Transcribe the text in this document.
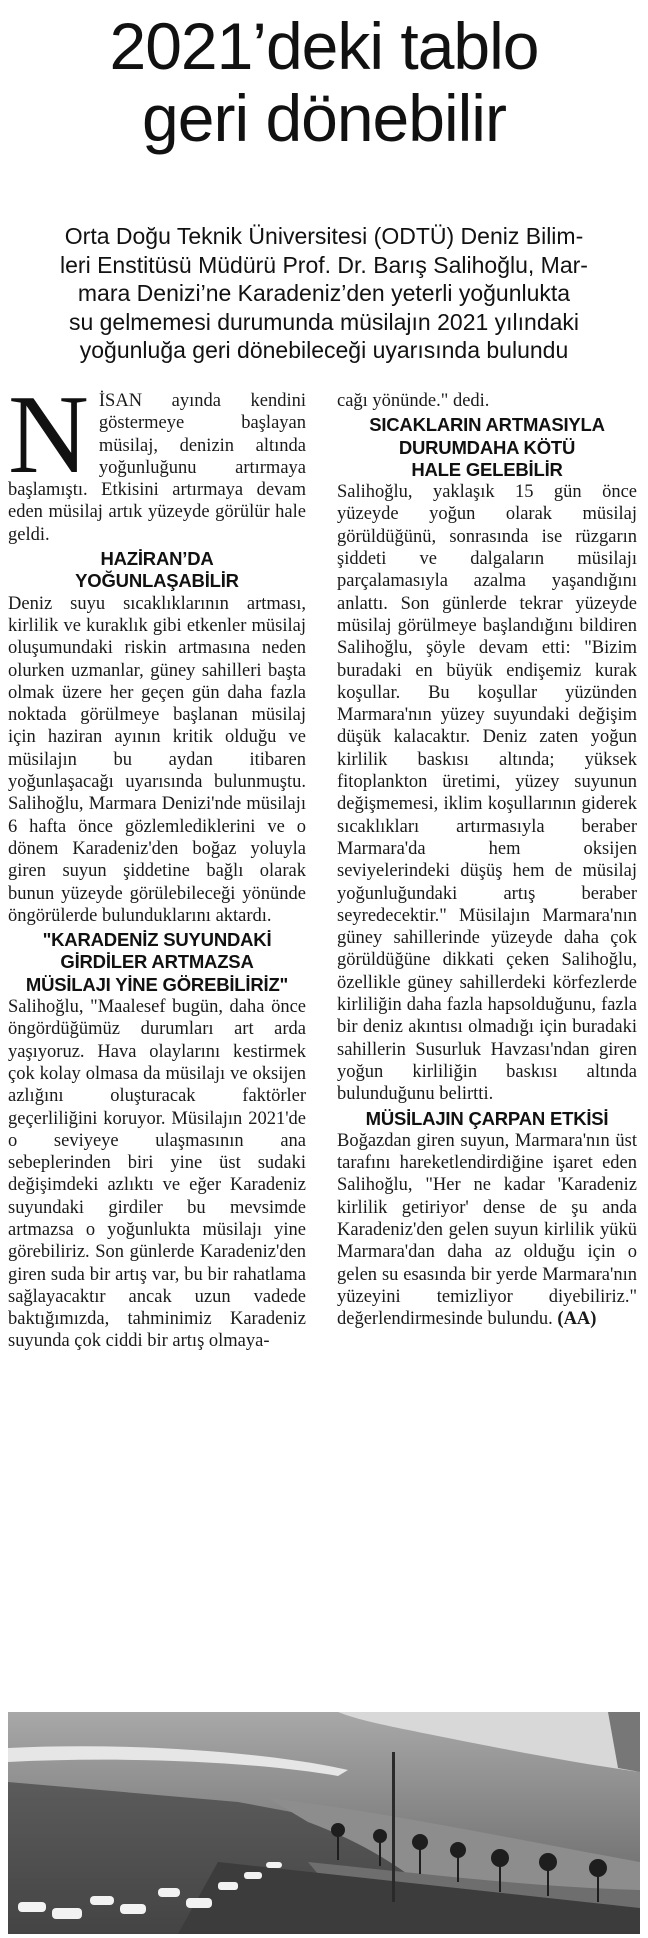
2021’deki tablo
geri dönebilir
Orta Doğu Teknik Üniversitesi (ODTÜ) Deniz Bilim-
leri Enstitüsü Müdürü Prof. Dr. Barış Salihoğlu, Mar-
mara Denizi’ne Karadeniz’den yeterli yoğunlukta
su gelmemesi durumunda müsilajın 2021 yılındaki
yoğunluğa geri dönebileceği uyarısında bulundu

NİSAN ayında kendini göstermeye başlayan müsilaj, denizin altında yoğunluğunu artırmaya başlamıştı. Etkisini artırmaya devam eden müsilaj artık yüzeyde görülür hale geldi.

HAZİRAN’DA
YOĞUNLAŞABİLİR

Deniz suyu sıcaklıklarının artması, kirlilik ve kuraklık gibi etkenler müsilaj oluşumundaki riskin artmasına neden olurken uzmanlar, güney sahilleri başta olmak üzere her geçen gün daha fazla noktada görülmeye başlanan müsilaj için haziran ayının kritik olduğu ve müsilajın bu aydan itibaren yoğunlaşacağı uyarısında bulunmuştu. Salihoğlu, Marmara Denizi'nde müsilajı 6 hafta önce gözlemlediklerini ve o dönem Karadeniz'den boğaz yoluyla giren suyun şiddetine bağlı olarak bunun yüzeyde görülebileceği yönünde öngörülerde bulunduklarını aktardı.

"KARADENİZ SUYUNDAKİ
GİRDİLER ARTMAZSA
MÜSİLAJI YİNE GÖREBİLİRİZ"

Salihoğlu, "Maalesef bugün, daha önce öngördüğümüz durumları art arda yaşıyoruz. Hava olaylarını kestirmek çok kolay olmasa da müsilajı ve oksijen azlığını oluşturacak faktörler geçerliliğini koruyor. Müsilajın 2021'de o seviyeye ulaşmasının ana sebeplerinden biri yine üst sudaki değişimdeki azlıktı ve eğer Karadeniz suyundaki girdiler bu mevsimde artmazsa o yoğunlukta müsilajı yine görebiliriz. Son günlerde Karadeniz'den giren suda bir artış var, bu bir rahatlama sağlayacaktır ancak uzun vadede baktığımızda, tahminimiz Karadeniz suyunda çok ciddi bir artış olmaya-

cağı yönünde." dedi.

SICAKLARIN ARTMASIYLA
DURUMDAHA KÖTÜ
HALE GELEBİLİR

Salihoğlu, yaklaşık 15 gün önce yüzeyde yoğun olarak müsilaj görüldüğünü, sonrasında ise rüzgarın şiddeti ve dalgaların müsilajı parçalamasıyla azalma yaşandığını anlattı. Son günlerde tekrar yüzeyde müsilaj görülmeye başlandığını bildiren Salihoğlu, şöyle devam etti: "Bizim buradaki en büyük endişemiz kurak koşullar. Bu koşullar yüzünden Marmara'nın yüzey suyundaki değişim düşük kalacaktır. Deniz zaten yoğun kirlilik baskısı altında; yüksek fitoplankton üretimi, yüzey suyunun değişmemesi, iklim koşullarının giderek sıcaklıkları artırmasıyla beraber Marmara'da hem oksijen seviyelerindeki düşüş hem de müsilaj yoğunluğundaki artış beraber seyredecektir." Müsilajın Marmara'nın güney sahillerinde yüzeyde daha çok görüldüğüne dikkati çeken Salihoğlu, özellikle güney sahillerdeki körfezlerde kirliliğin daha fazla hapsolduğunu, fazla bir deniz akıntısı olmadığı için buradaki sahillerin Susurluk Havzası'ndan giren yoğun kirliliğin baskısı altında bulunduğunu belirtti.

MÜSİLAJIN ÇARPAN ETKİSİ

Boğazdan giren suyun, Marmara'nın üst tarafını hareketlendirdiğine işaret eden Salihoğlu, "Her ne kadar 'Karadeniz kirlilik getiriyor' dense de şu anda Karadeniz'den gelen suyun kirlilik yükü Marmara'dan daha az olduğu için o gelen su esasında bir yerde Marmara'nın yüzeyini temizliyor diyebiliriz." değerlendirmesinde bulundu. (AA)
